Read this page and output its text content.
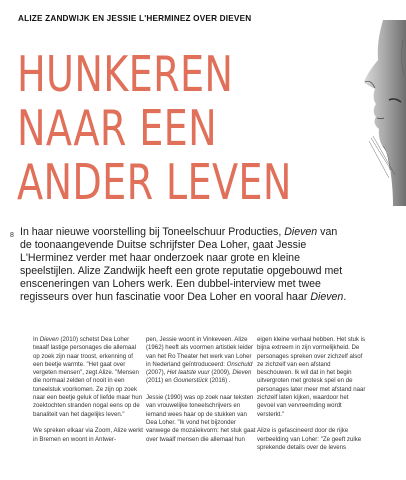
ALIZE ZANDWIJK EN JESSIE L'HERMINEZ OVER DIEVEN
HUNKEREN
NAAR EEN
ANDER LEVEN
8 In haar nieuwe voorstelling bij Toneelschuur Producties, Dieven van de toonaangevende Duitse schrijfster Dea Loher, gaat Jessie L'Herminez verder met haar onderzoek naar grote en kleine speelstijlen. Alize Zandwijk heeft een grote reputatie opgebouwd met ensceneringen van Lohers werk. Een dubbel-interview met twee regisseurs over hun fascinatie voor Dea Loher en vooral haar Dieven.

In Dieven (2010) schetst Dea Loher twaalf lastige personages die allemaal op zoek zijn naar troost, erkenning of een beetje warmte. "Het gaat over vergeten mensen", zegt Alize. "Mensen die normaal zelden of nooit in een toneelstuk voorkomen. Ze zijn op zoek naar een beetje geluk of liefde maar hun zoektochten stranden nogal eens op de banaliteit van het dagelijks leven."

We spreken elkaar via Zoom, Alize werkt in Bremen en woont in Antwer-

pen, Jessie woont in Vinkeveen. Alize (1962) heeft als voormen artistiek leider van het Ro Theater het werk van Loher in Nederland geïntroduceerd: Onschuld (2007), Het laatste vuur (2009), Dieven (2011) en Gounerstück (2016) .

Jessie (1990) was op zoek naar teksten van vrouwelijke toneelschrijvers en iemand wees haar op de stukken van Dea Loher. "Ik vond het bijzonder vanwege de mozaïekvorm: het stuk gaat over twaalf mensen die allemaal hun

eigen kleine verhaal hebben. Het stuk is bijna extreem in zijn vormelijkheid. De personages spreken over zichzelf alsof ze zichzelf van een afstand beschouwen. Ik wil dat in het begin uitvergroten met grotesk spel en de personages later meer met afstand naar zichzelf laten kijken, waardoor het gevoel van vervreemding wordt versterkt."

Alize is gefascineerd door de rijke verbeelding van Loher: "Ze geeft zulke sprekende details over de levens
